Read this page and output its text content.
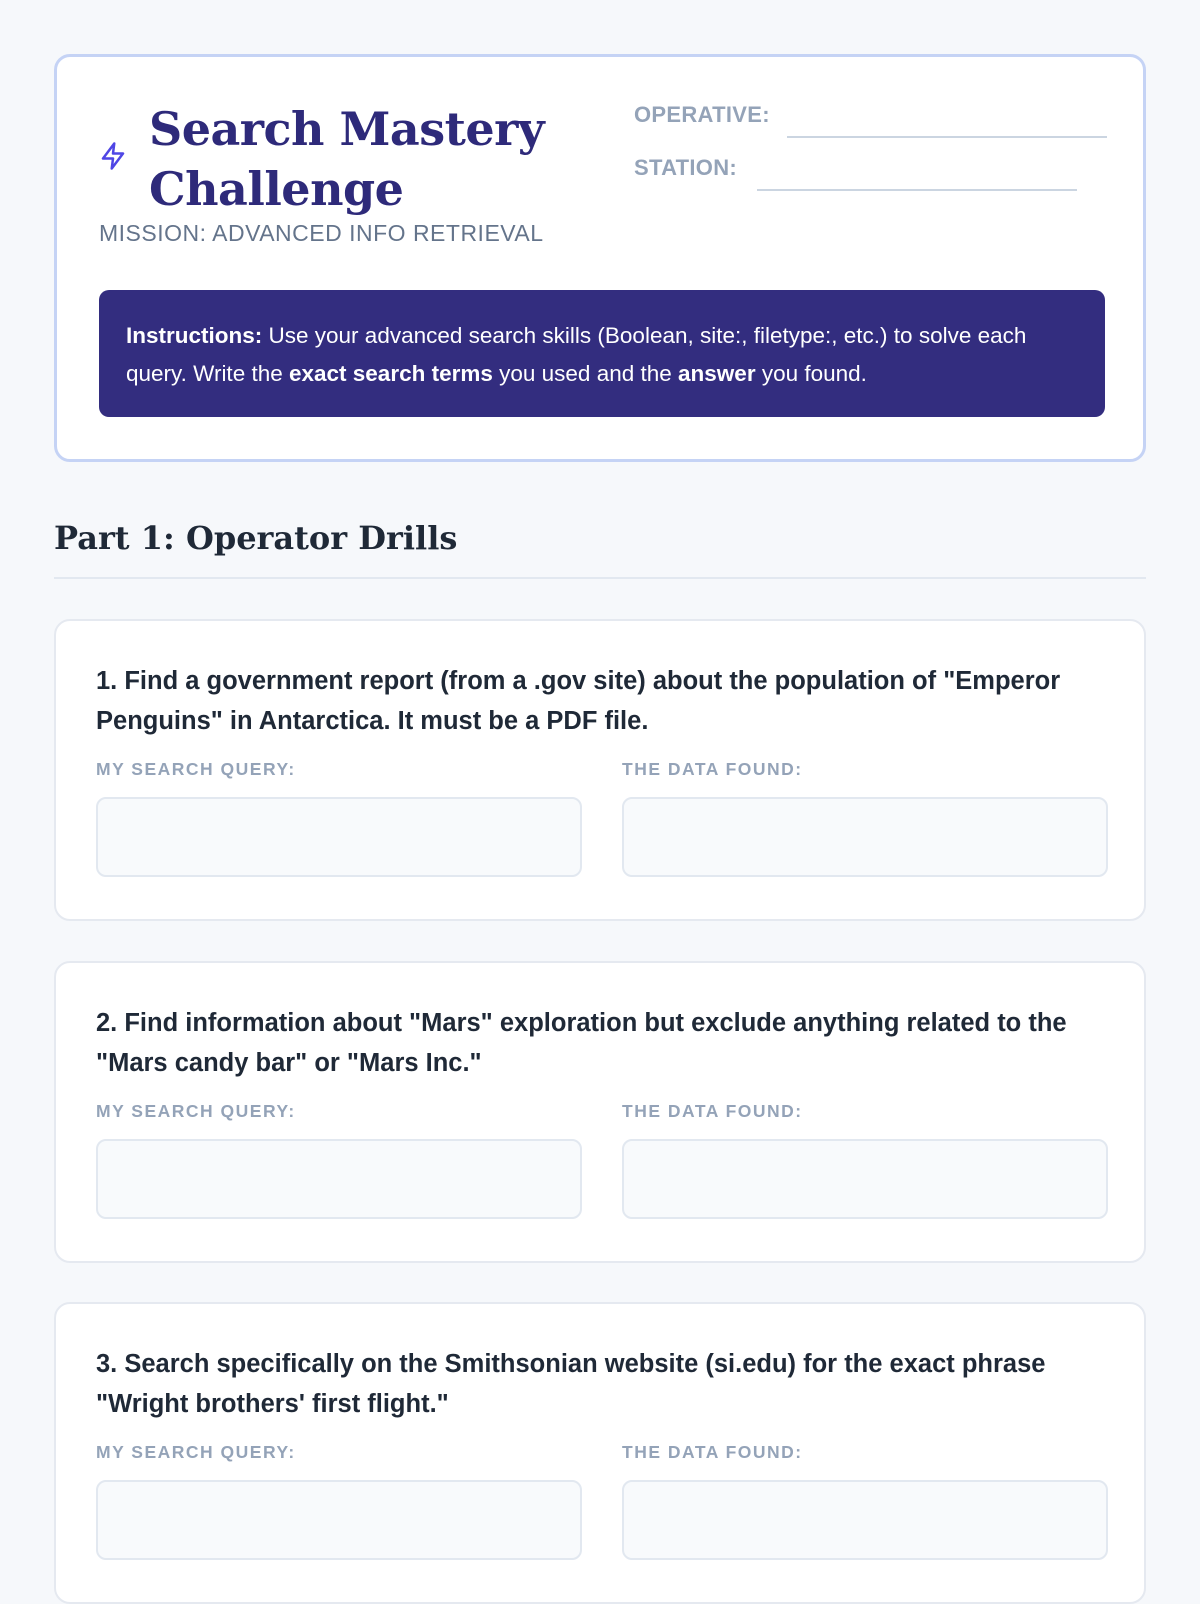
Search Mastery Challenge

MISSION: ADVANCED INFO RETRIEVAL

OPERATIVE:
STATION:
Instructions: Use your advanced search skills (Boolean, site:, filetype:, etc.) to solve each query. Write the exact search terms you used and the answer you found.
Part 1: Operator Drills

1. Find a government report (from a .gov site) about the population of "Emperor Penguins" in Antarctica. It must be a PDF file.

MY SEARCH QUERY:	THE DATA FOUND:

2. Find information about "Mars" exploration but exclude anything related to the "Mars candy bar" or "Mars Inc."

MY SEARCH QUERY:	THE DATA FOUND:

3. Search specifically on the Smithsonian website (si.edu) for the exact phrase "Wright brothers' first flight."

MY SEARCH QUERY:	THE DATA FOUND:
